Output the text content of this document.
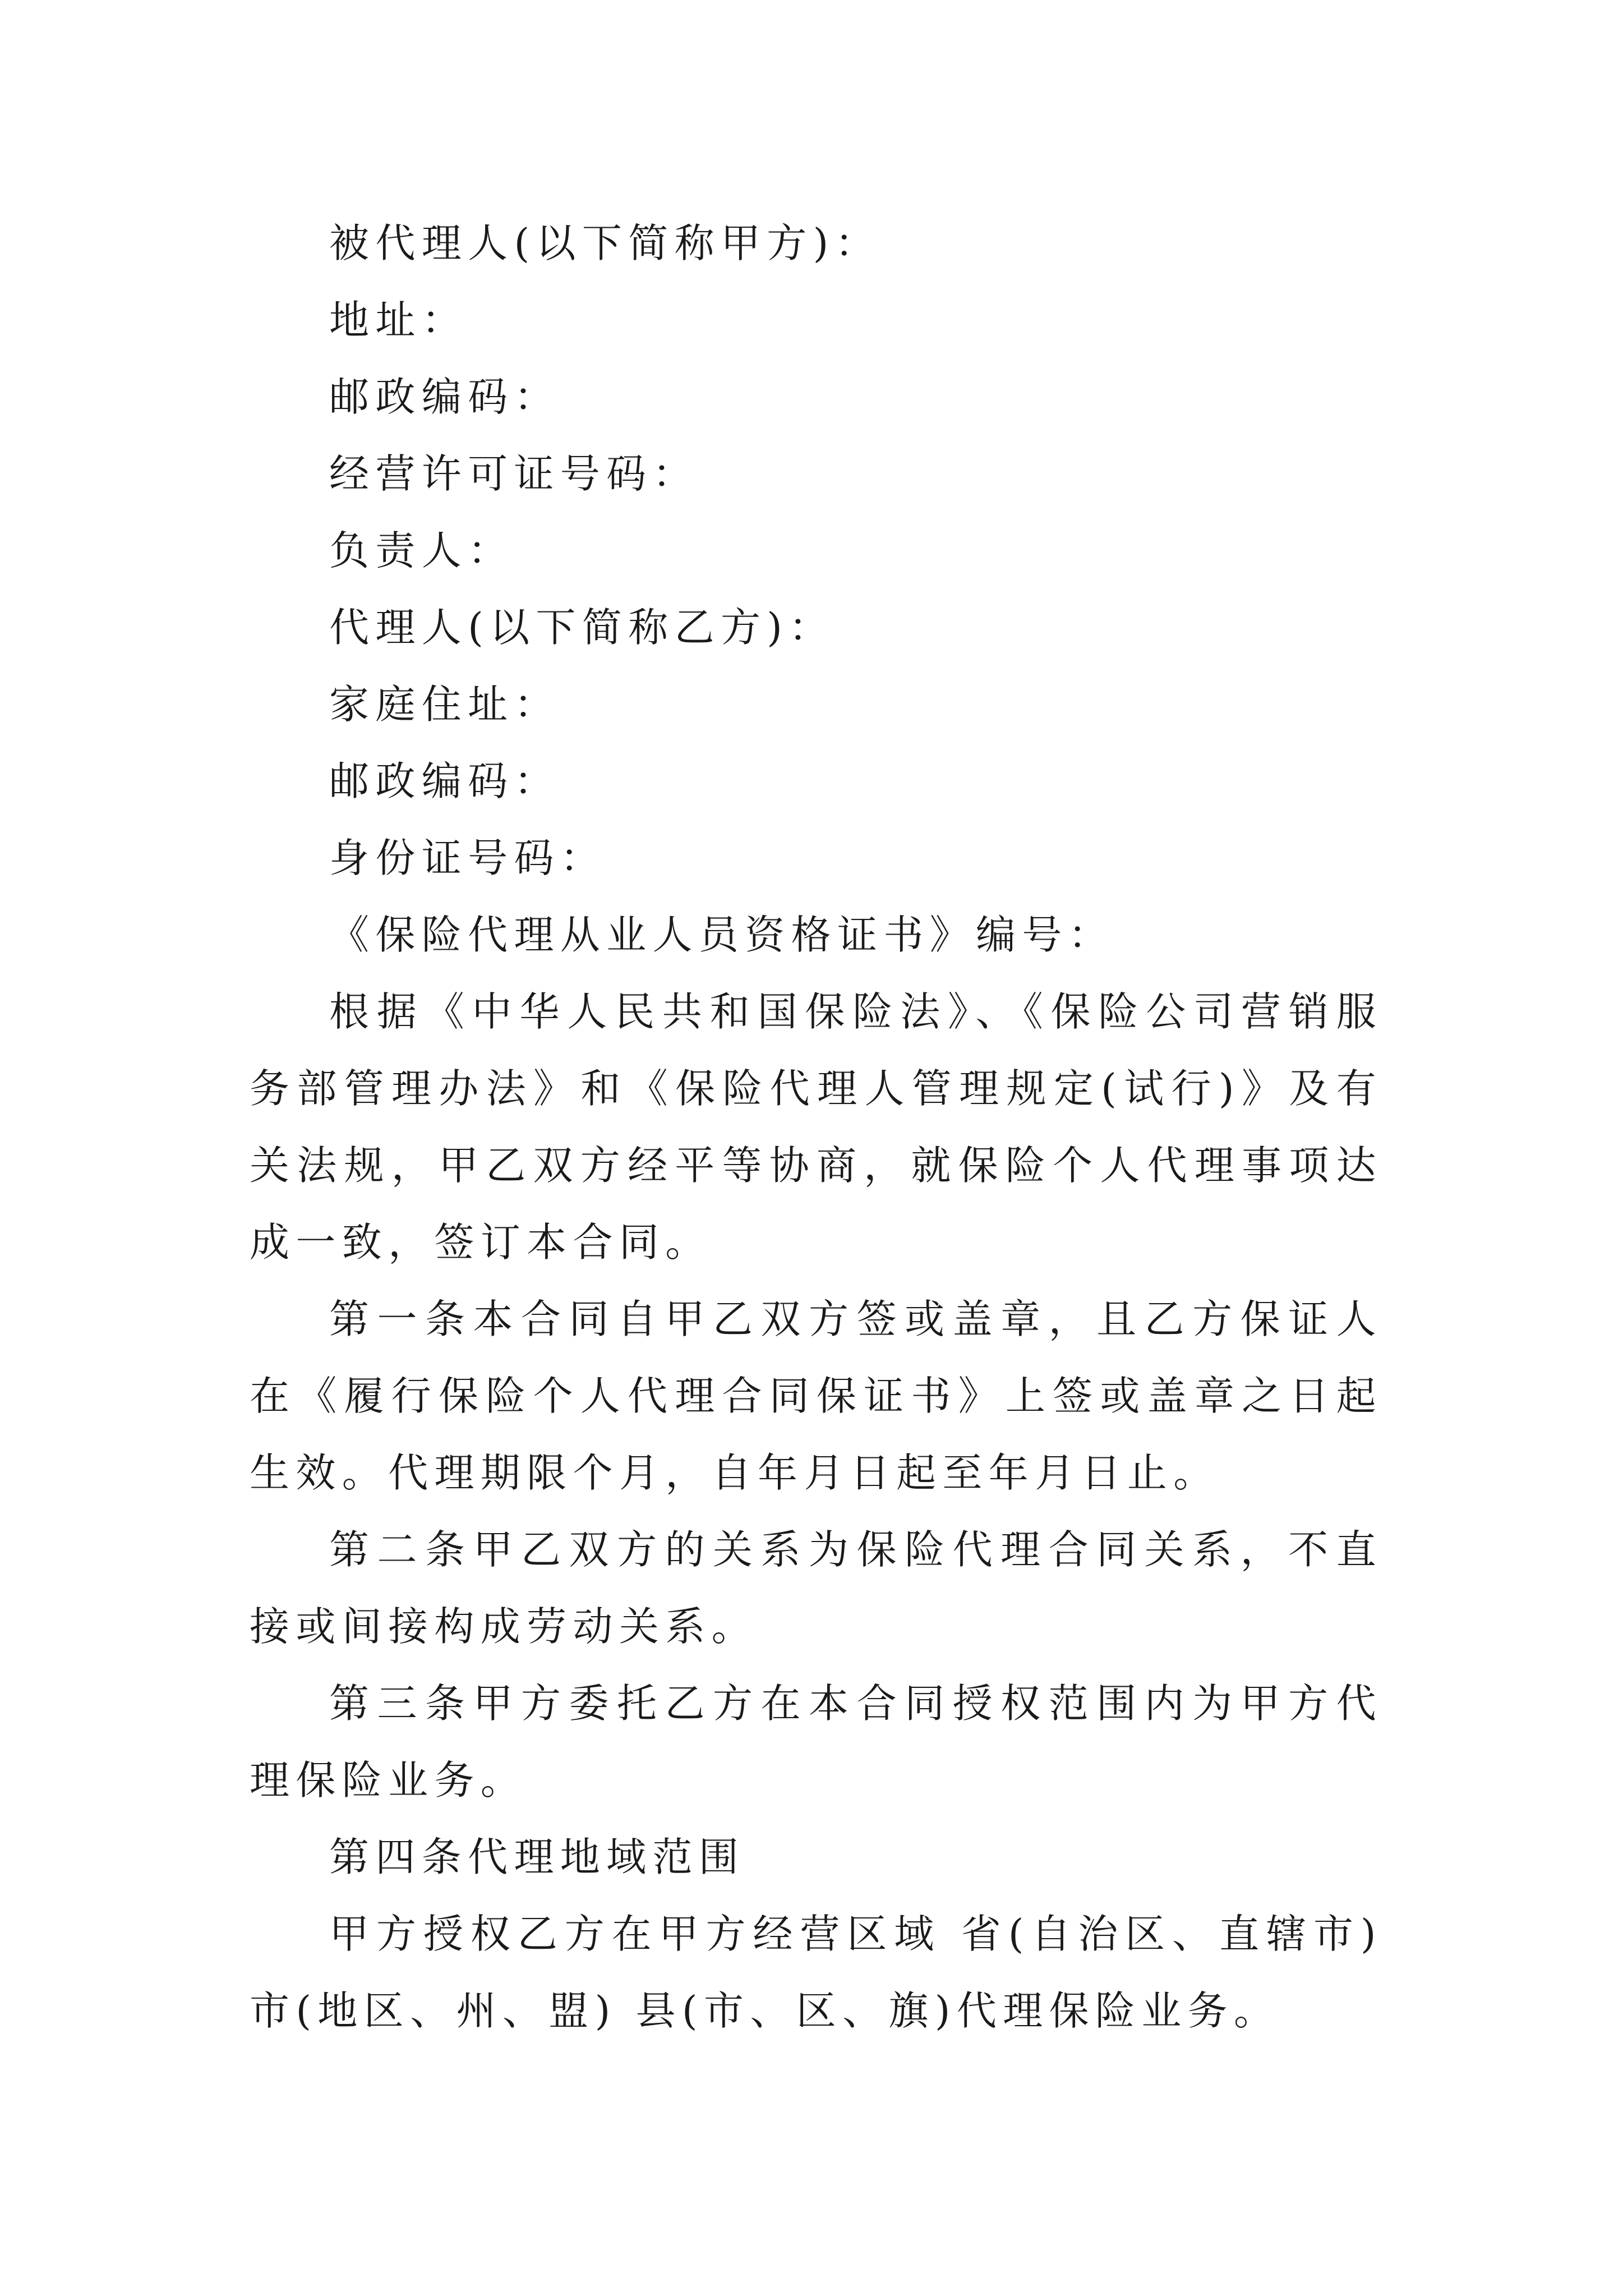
被代理人(以下简称甲方)：

地址：

邮政编码：

经营许可证号码：

负责人：

代理人(以下简称乙方)：

家庭住址：

邮政编码：

身份证号码：

《保险代理从业人员资格证书》编号：

根据《中华人民共和国保险法》、《保险公司营销服务部管理办法》和《保险代理人管理规定(试行)》及有关法规，甲乙双方经平等协商，就保险个人代理事项达成一致，签订本合同。

第一条本合同自甲乙双方签或盖章，且乙方保证人在《履行保险个人代理合同保证书》上签或盖章之日起生效。代理期限个月，自年月日起至年月日止。

第二条甲乙双方的关系为保险代理合同关系，不直接或间接构成劳动关系。

第三条甲方委托乙方在本合同授权范围内为甲方代理保险业务。

第四条代理地域范围

甲方授权乙方在甲方经营区域 省(自治区、直辖市)市(地区、州、盟) 县(市、区、旗)代理保险业务。
